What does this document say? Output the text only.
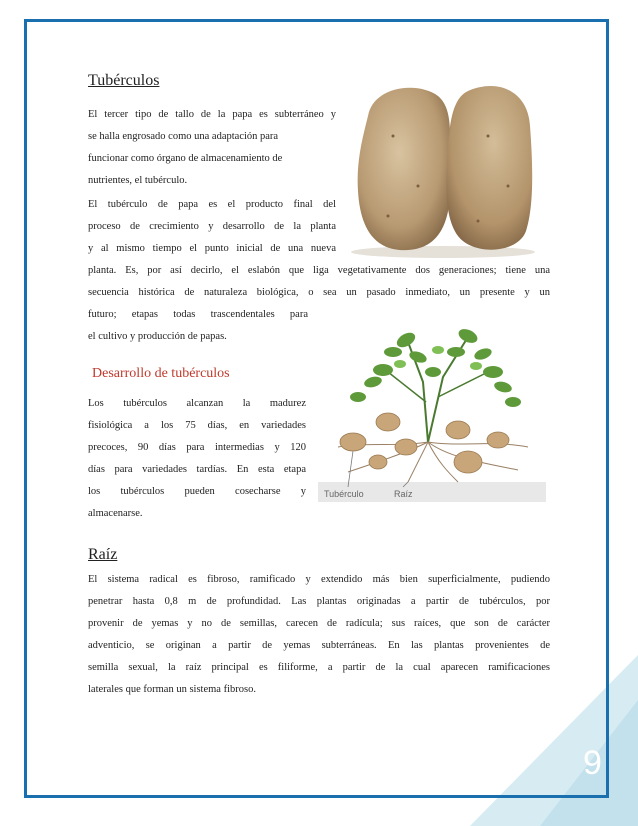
Tubérculos
El tercer tipo de tallo de la papa es subterráneo y
se halla engrosado como una adaptación para
funcionar como órgano de almacenamiento de
nutrientes, el tubérculo.
El tubérculo de papa es el producto final del
proceso de crecimiento y desarrollo de la planta
y al mismo tiempo el punto inicial de una nueva
planta. Es, por así decirlo, el eslabón que liga vegetativamente dos generaciones; tiene una
secuencia histórica de naturaleza biológica, o sea un pasado inmediato, un presente y un
futuro; etapas todas trascendentales para
el cultivo y producción de papas.
Desarrollo de tubérculos
Los tubérculos alcanzan la madurez
fisiológica a los 75 días, en variedades
precoces, 90 días para intermedias y 120
días para variedades tardías. En esta etapa
los tubérculos pueden cosecharse y
almacenarse.
Tubérculo	Raíz
Raíz
El sistema radical es fibroso, ramificado y extendido más bien superficialmente, pudiendo
penetrar hasta 0,8 m de profundidad. Las plantas originadas a partir de tubérculos, por
provenir de yemas y no de semillas, carecen de radícula; sus raíces, que son de carácter
adventicio, se originan a partir de yemas subterráneas. En las plantas provenientes de
semilla sexual, la raíz principal es filiforme, a partir de la cual aparecen ramificaciones
laterales que forman un sistema fibroso.
9
